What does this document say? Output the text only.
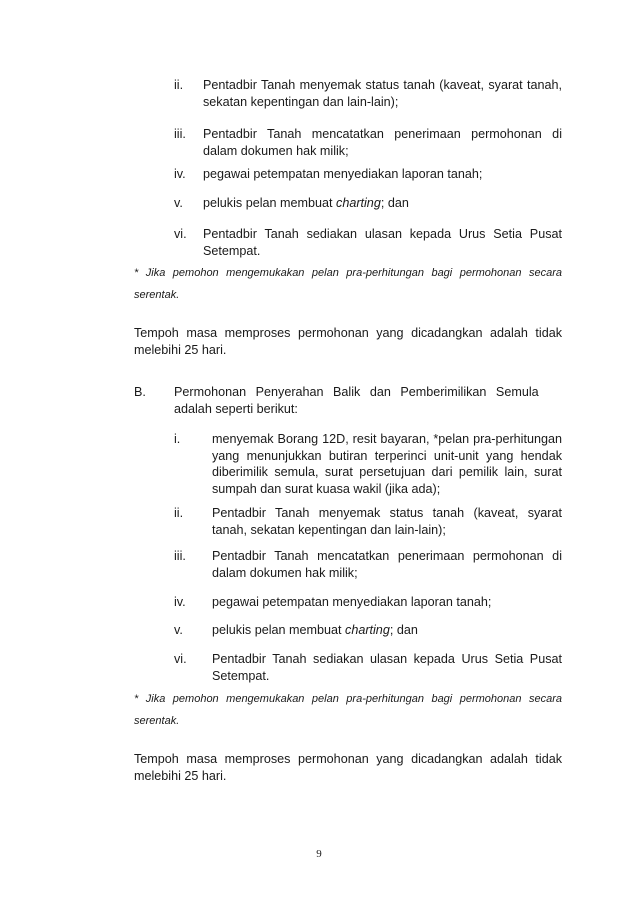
ii. Pentadbir Tanah menyemak status tanah (kaveat, syarat tanah, sekatan kepentingan dan lain-lain);
iii. Pentadbir Tanah mencatatkan penerimaan permohonan di dalam dokumen hak milik;
iv. pegawai petempatan menyediakan laporan tanah;
v. pelukis pelan membuat charting; dan
vi. Pentadbir Tanah sediakan ulasan kepada Urus Setia Pusat Setempat.
* Jika pemohon mengemukakan pelan pra-perhitungan bagi permohonan secara serentak.
Tempoh masa memproses permohonan yang dicadangkan adalah tidak melebihi 25 hari.
B. Permohonan Penyerahan Balik dan Pemberimilikan Semula
adalah seperti berikut:
i.	menyemak Borang 12D, resit bayaran, *pelan pra-perhitungan yang menunjukkan butiran terperinci unit-unit yang hendak diberimilik semula, surat persetujuan dari pemilik lain, surat sumpah dan surat kuasa wakil (jika ada);
ii. Pentadbir Tanah menyemak status tanah (kaveat, syarat tanah, sekatan kepentingan dan lain-lain);
iii. Pentadbir Tanah mencatatkan penerimaan permohonan di dalam dokumen hak milik;
iv. pegawai petempatan menyediakan laporan tanah;
v. pelukis pelan membuat charting; dan
vi. Pentadbir Tanah sediakan ulasan kepada Urus Setia Pusat Setempat.
* Jika pemohon mengemukakan pelan pra-perhitungan bagi permohonan secara serentak.
Tempoh masa memproses permohonan yang dicadangkan adalah tidak melebihi 25 hari.
9
